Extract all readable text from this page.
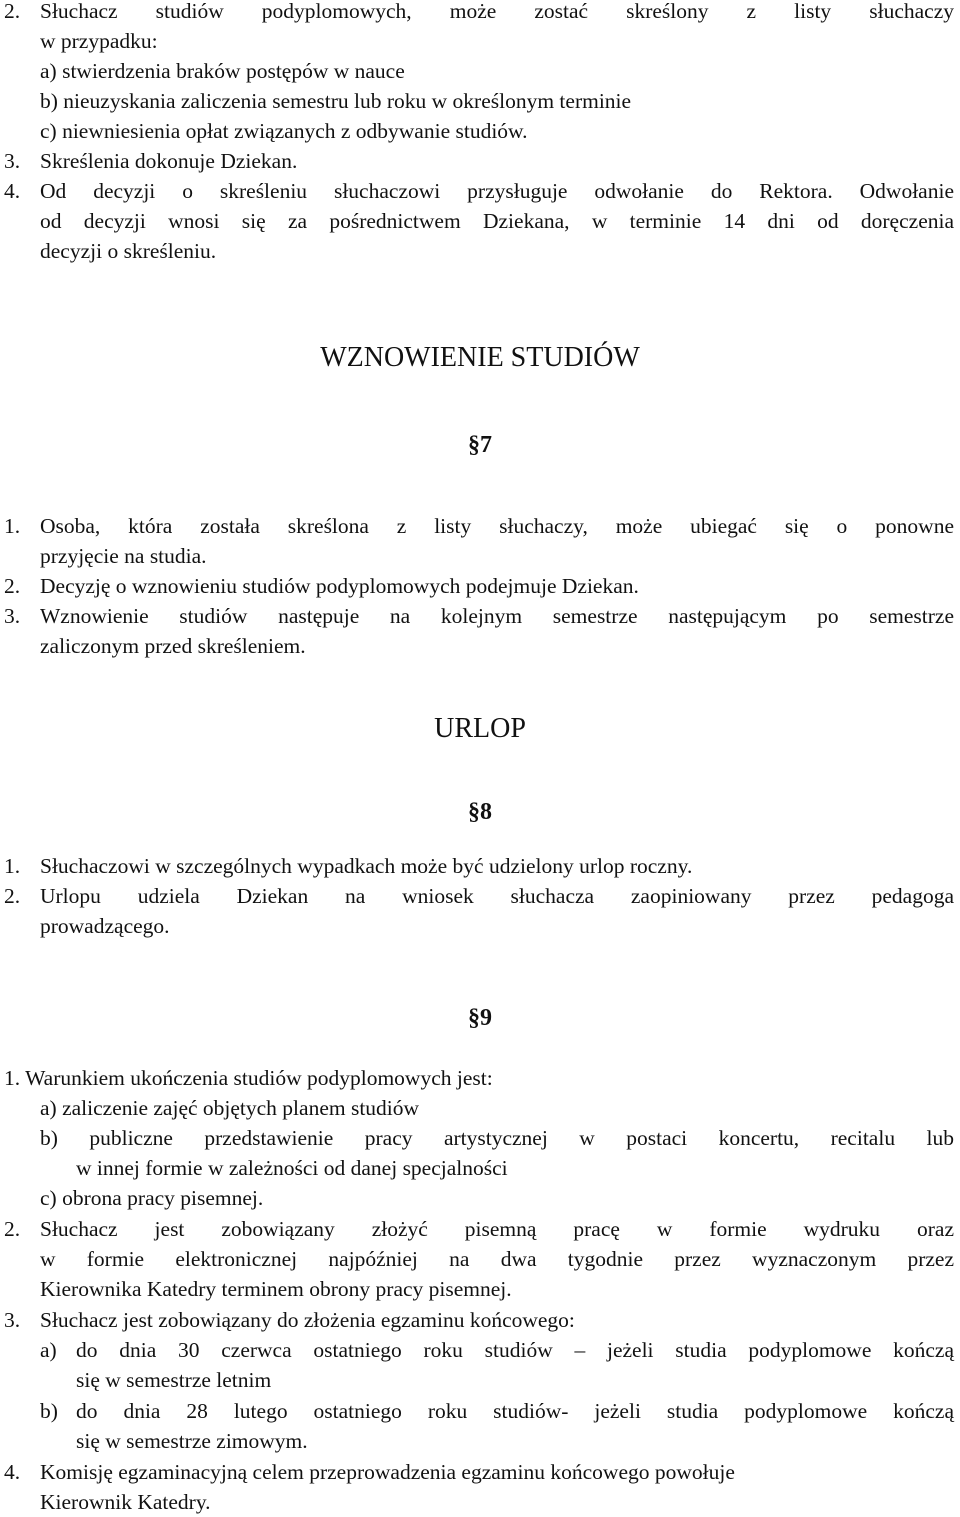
2. Słuchacz studiów podyplomowych, może zostać skreślony z listy słuchaczy
w przypadku:
a) stwierdzenia braków postępów w nauce
b) nieuzyskania zaliczenia semestru lub roku w określonym terminie
c) niewniesienia opłat związanych z odbywanie studiów.
3. Skreślenia dokonuje Dziekan.
4. Od decyzji o skreśleniu słuchaczowi przysługuje odwołanie do Rektora. Odwołanie
od decyzji wnosi się za pośrednictwem Dziekana, w terminie 14 dni od doręczenia
decyzji o skreśleniu.
WZNOWIENIE STUDIÓW
§7
1. Osoba, która została skreślona z listy słuchaczy, może ubiegać się o ponowne
przyjęcie na studia.
2. Decyzję o wznowieniu studiów podyplomowych podejmuje Dziekan.
3. Wznowienie studiów następuje na kolejnym semestrze następującym po semestrze
zaliczonym przed skreśleniem.
URLOP
§8
1. Słuchaczowi w szczególnych wypadkach może być udzielony urlop roczny.
2. Urlopu udziela Dziekan na wniosek słuchacza zaopiniowany przez pedagoga
prowadzącego.
§9
1. Warunkiem ukończenia studiów podyplomowych jest:
a) zaliczenie zajęć objętych planem studiów
b) publiczne przedstawienie pracy artystycznej w postaci koncertu, recitalu lub
w innej formie w zależności od danej specjalności
c) obrona pracy pisemnej.
2. Słuchacz jest zobowiązany złożyć pisemną pracę w formie wydruku oraz
w formie elektronicznej najpóźniej na dwa tygodnie przez wyznaczonym przez
Kierownika Katedry terminem obrony pracy pisemnej.
3. Słuchacz jest zobowiązany do złożenia egzaminu końcowego:
a) do dnia 30 czerwca ostatniego roku studiów – jeżeli studia podyplomowe kończą
się w semestrze letnim
b) do dnia 28 lutego ostatniego roku studiów- jeżeli studia podyplomowe kończą
się w semestrze zimowym.
4. Komisję egzaminacyjną celem przeprowadzenia egzaminu końcowego powołuje
Kierownik Katedry.
